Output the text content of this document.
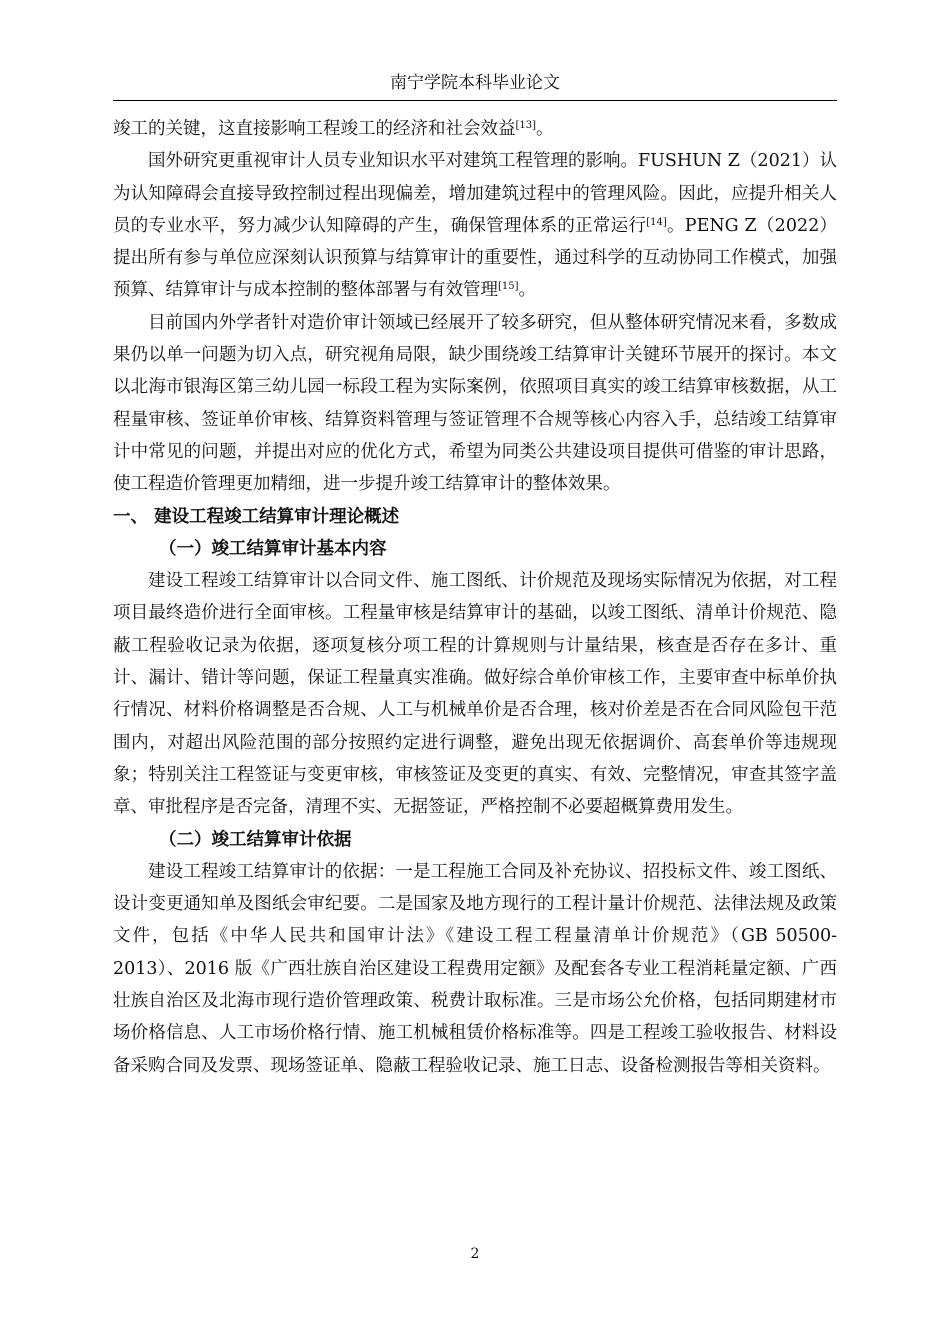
南宁学院本科毕业论文

竣工的关键，这直接影响工程竣工的经济和社会效益[13]。

国外研究更重视审计人员专业知识水平对建筑工程管理的影响。FUSHUN Z（2021）认为认知障碍会直接导致控制过程出现偏差，增加建筑过程中的管理风险。因此，应提升相关人员的专业水平，努力减少认知障碍的产生，确保管理体系的正常运行[14]。PENG Z（2022）提出所有参与单位应深刻认识预算与结算审计的重要性，通过科学的互动协同工作模式，加强预算、结算审计与成本控制的整体部署与有效管理[15]。

目前国内外学者针对造价审计领域已经展开了较多研究，但从整体研究情况来看，多数成果仍以单一问题为切入点，研究视角局限，缺少围绕竣工结算审计关键环节展开的探讨。本文以北海市银海区第三幼儿园一标段工程为实际案例，依照项目真实的竣工结算审核数据，从工程量审核、签证单价审核、结算资料管理与签证管理不合规等核心内容入手，总结竣工结算审计中常见的问题，并提出对应的优化方式，希望为同类公共建设项目提供可借鉴的审计思路，使工程造价管理更加精细，进一步提升竣工结算审计的整体效果。

一、 建设工程竣工结算审计理论概述

（一）竣工结算审计基本内容

建设工程竣工结算审计以合同文件、施工图纸、计价规范及现场实际情况为依据，对工程项目最终造价进行全面审核。工程量审核是结算审计的基础，以竣工图纸、清单计价规范、隐蔽工程验收记录为依据，逐项复核分项工程的计算规则与计量结果，核查是否存在多计、重计、漏计、错计等问题，保证工程量真实准确。做好综合单价审核工作，主要审查中标单价执行情况、材料价格调整是否合规、人工与机械单价是否合理，核对价差是否在合同风险包干范围内，对超出风险范围的部分按照约定进行调整，避免出现无依据调价、高套单价等违规现象；特别关注工程签证与变更审核，审核签证及变更的真实、有效、完整情况，审查其签字盖章、审批程序是否完备，清理不实、无据签证，严格控制不必要超概算费用发生。

（二）竣工结算审计依据

建设工程竣工结算审计的依据：一是工程施工合同及补充协议、招投标文件、竣工图纸、设计变更通知单及图纸会审纪要。二是国家及地方现行的工程计量计价规范、法律法规及政策文件，包括《中华人民共和国审计法》《建设工程工程量清单计价规范》（GB 50500-2013）、2016 版《广西壮族自治区建设工程费用定额》及配套各专业工程消耗量定额、广西壮族自治区及北海市现行造价管理政策、税费计取标准。三是市场公允价格，包括同期建材市场价格信息、人工市场价格行情、施工机械租赁价格标准等。四是工程竣工验收报告、材料设备采购合同及发票、现场签证单、隐蔽工程验收记录、施工日志、设备检测报告等相关资料。

2
